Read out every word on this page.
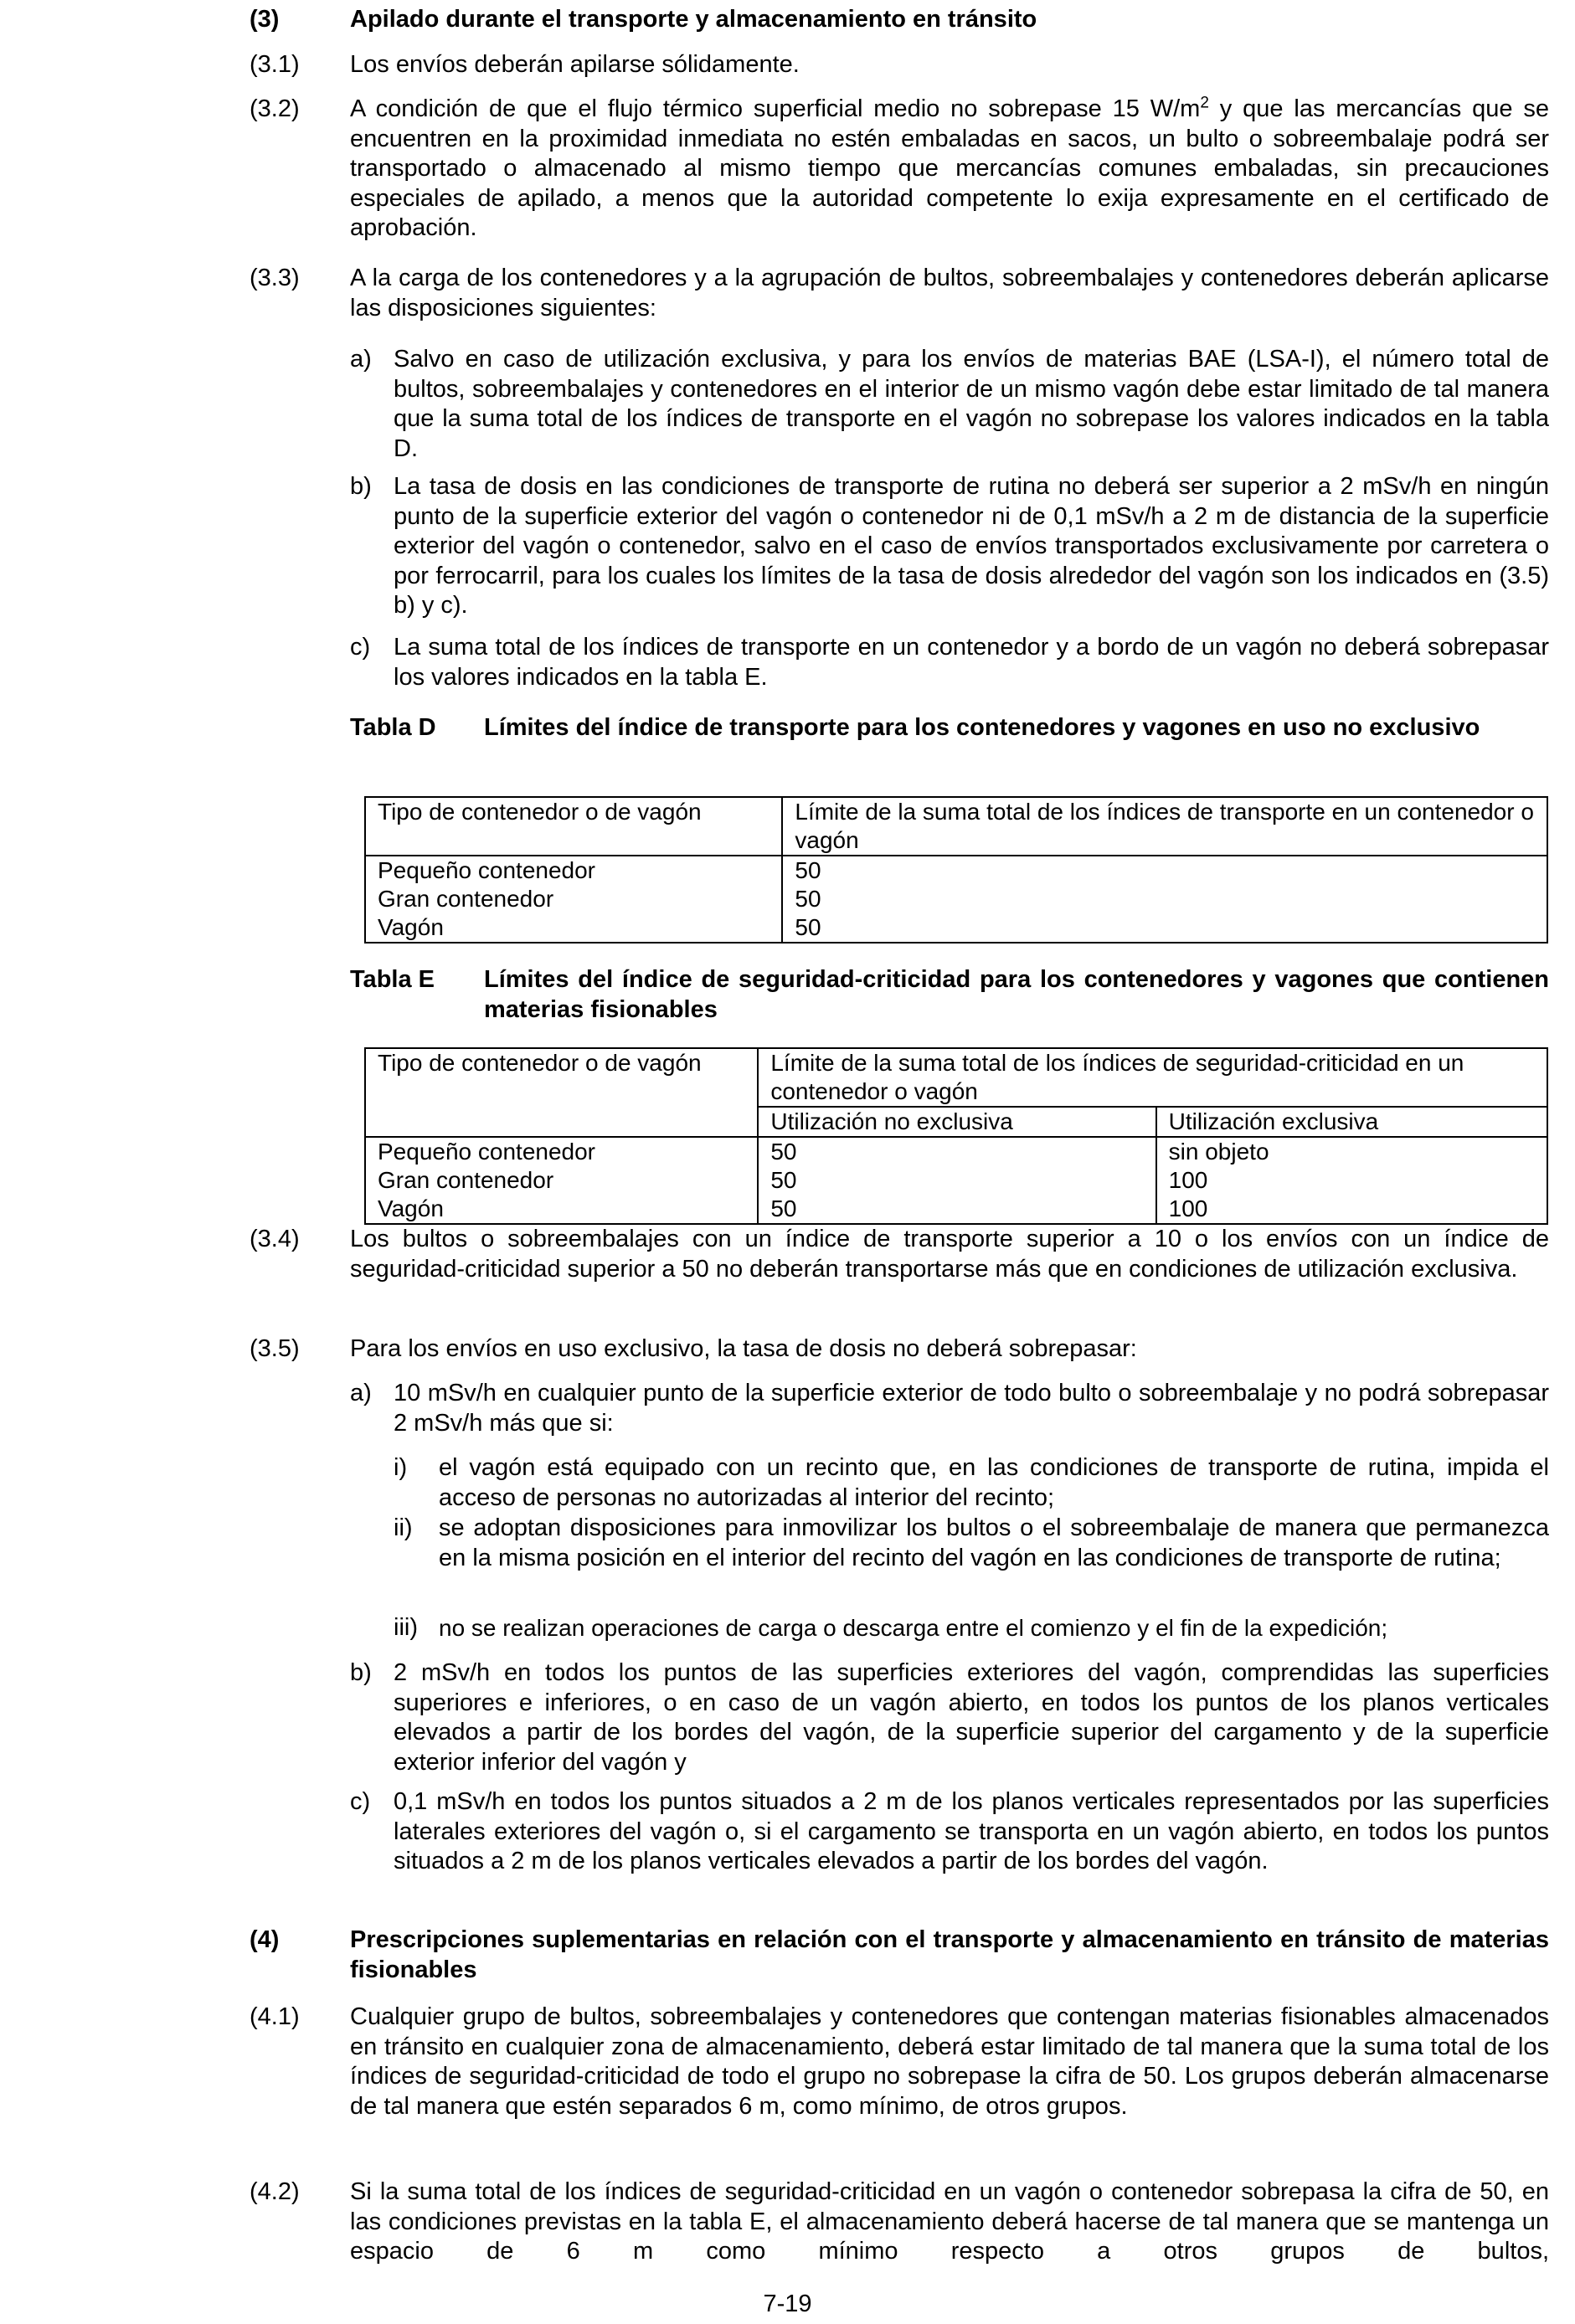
(3)	Apilado durante el transporte y almacenamiento en tránsito
(3.1)	Los envíos deberán apilarse sólidamente.
(3.2)	A condición de que el flujo térmico superficial medio no sobrepase 15 $W/m^2$ y que las mercancías que se encuentren en la proximidad inmediata no estén embaladas en sacos, un bulto o sobreembalaje podrá ser transportado o almacenado al mismo tiempo que mercancías comunes embaladas, sin precauciones especiales de apilado, a menos que la autoridad competente lo exija expresamente en el certificado de aprobación.
(3.3)	A la carga de los contenedores y a la agrupación de bultos, sobreembalajes y contenedores deberán aplicarse las disposiciones siguientes:
a) Salvo en caso de utilización exclusiva, y para los envíos de materias BAE (LSA-I), el número total de bultos, sobreembalajes y contenedores en el interior de un mismo vagón debe estar limitado de tal manera que la suma total de los índices de transporte en el vagón no sobrepase los valores indicados en la tabla D.
b) La tasa de dosis en las condiciones de transporte de rutina no deberá ser superior a 2 mSv/h en ningún punto de la superficie exterior del vagón o contenedor ni de 0,1 mSv/h a 2 m de distancia de la superficie exterior del vagón o contenedor, salvo en el caso de envíos transportados exclusivamente por carretera o por ferrocarril, para los cuales los límites de la tasa de dosis alrededor del vagón son los indicados en (3.5) b) y c).
c) La suma total de los índices de transporte en un contenedor y a bordo de un vagón no deberá sobrepasar los valores indicados en la tabla E.
Tabla D	Límites del índice de transporte para los contenedores y vagones en uso no exclusivo
Tipo de contenedor o de vagón	Límite de la suma total de los índices de transporte en un contenedor o vagón
Pequeño contenedor	50
Gran contenedor	50
Vagón	50
Tabla E	Límites del índice de seguridad-criticidad para los contenedores y vagones que contienen materias fisionables
Tipo de contenedor o de vagón	Límite de la suma total de los índices de seguridad-criticidad en un contenedor o vagón	
	Utilización no exclusiva	Utilización exclusiva
Pequeño contenedor	50	sin objeto
Gran contenedor	50	100
Vagón	50	100
(3.4)	Los bultos o sobreembalajes con un índice de transporte superior a 10 o los envíos con un índice de seguridad-criticidad superior a 50 no deberán transportarse más que en condiciones de utilización exclusiva.
(3.5)	Para los envíos en uso exclusivo, la tasa de dosis no deberá sobrepasar:
a) 10 mSv/h en cualquier punto de la superficie exterior de todo bulto o sobreembalaje y no podrá sobrepasar 2 mSv/h más que si:
i)	el vagón está equipado con un recinto que, en las condiciones de transporte de rutina, impida el acceso de personas no autorizadas al interior del recinto;
ii)	se adoptan disposiciones para inmovilizar los bultos o el sobreembalaje de manera que permanezca en la misma posición en el interior del recinto del vagón en las condiciones de transporte de rutina;
iii) no se realizan operaciones de carga o descarga entre el comienzo y el fin de la expedición;
b) 2 mSv/h en todos los puntos de las superficies exteriores del vagón, comprendidas las superficies superiores e inferiores, o en caso de un vagón abierto, en todos los puntos de los planos verticales elevados a partir de los bordes del vagón, de la superficie superior del cargamento y de la superficie exterior inferior del vagón y
c) 0,1 mSv/h en todos los puntos situados a 2 m de los planos verticales representados por las superficies laterales exteriores del vagón o, si el cargamento se transporta en un vagón abierto, en todos los puntos situados a 2 m de los planos verticales elevados a partir de los bordes del vagón.
(4)	Prescripciones suplementarias en relación con el transporte y almacenamiento en tránsito de materias fisionables
(4.1)	Cualquier grupo de bultos, sobreembalajes y contenedores que contengan materias fisionables almacenados en tránsito en cualquier zona de almacenamiento, deberá estar limitado de tal manera que la suma total de los índices de seguridad-criticidad de todo el grupo no sobrepase la cifra de 50. Los grupos deberán almacenarse de tal manera que estén separados 6 m, como mínimo, de otros grupos.
(4.2)	Si la suma total de los índices de seguridad-criticidad en un vagón o contenedor sobrepasa la cifra de 50, en las condiciones previstas en la tabla E, el almacenamiento deberá hacerse de tal manera que se mantenga un espacio de 6 m como mínimo respecto a otros grupos de bultos,
7-19
